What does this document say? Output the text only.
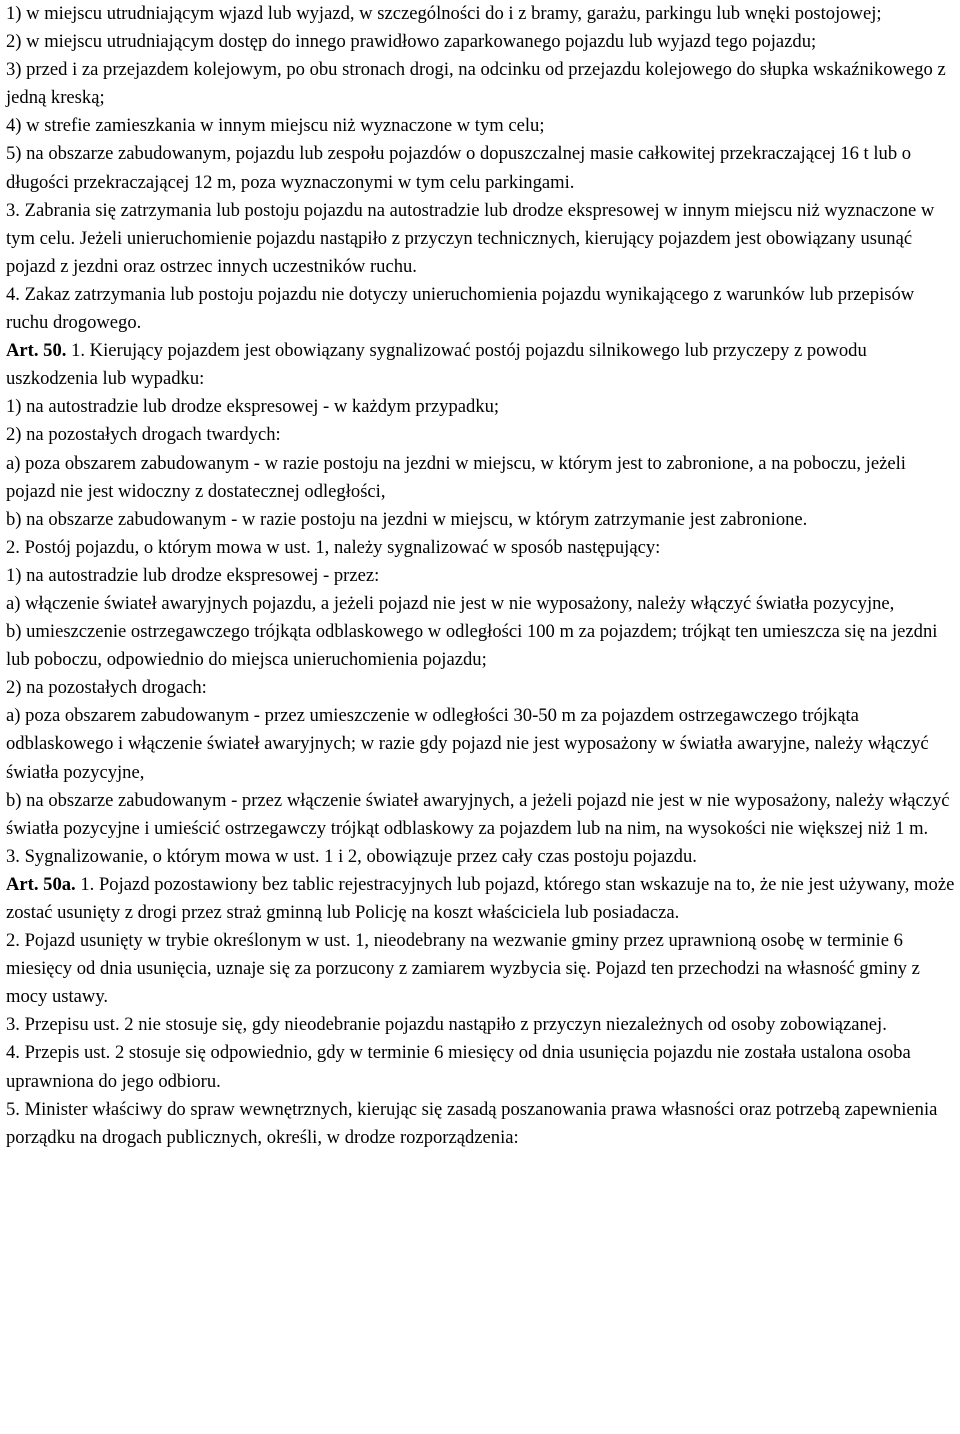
1) w miejscu utrudniającym wjazd lub wyjazd, w szczególności do i z bramy, garażu, parkingu lub wnęki postojowej;

2) w miejscu utrudniającym dostęp do innego prawidłowo zaparkowanego pojazdu lub wyjazd tego pojazdu;

3) przed i za przejazdem kolejowym, po obu stronach drogi, na odcinku od przejazdu kolejowego do słupka wskaźnikowego z jedną kreską;

4) w strefie zamieszkania w innym miejscu niż wyznaczone w tym celu;

5) na obszarze zabudowanym, pojazdu lub zespołu pojazdów o dopuszczalnej masie całkowitej przekraczającej 16 t lub o długości przekraczającej 12 m, poza wyznaczonymi w tym celu parkingami.

3. Zabrania się zatrzymania lub postoju pojazdu na autostradzie lub drodze ekspresowej w innym miejscu niż wyznaczone w tym celu. Jeżeli unieruchomienie pojazdu nastąpiło z przyczyn technicznych, kierujący pojazdem jest obowiązany usunąć pojazd z jezdni oraz ostrzec innych uczestników ruchu.

4. Zakaz zatrzymania lub postoju pojazdu nie dotyczy unieruchomienia pojazdu wynikającego z warunków lub przepisów ruchu drogowego.

Art. 50. 1. Kierujący pojazdem jest obowiązany sygnalizować postój pojazdu silnikowego lub przyczepy z powodu uszkodzenia lub wypadku:

1) na autostradzie lub drodze ekspresowej - w każdym przypadku;

2) na pozostałych drogach twardych:

a) poza obszarem zabudowanym - w razie postoju na jezdni w miejscu, w którym jest to zabronione, a na poboczu, jeżeli pojazd nie jest widoczny z dostatecznej odległości,

b) na obszarze zabudowanym - w razie postoju na jezdni w miejscu, w którym zatrzymanie jest zabronione.

2. Postój pojazdu, o którym mowa w ust. 1, należy sygnalizować w sposób następujący:

1) na autostradzie lub drodze ekspresowej - przez:

a) włączenie świateł awaryjnych pojazdu, a jeżeli pojazd nie jest w nie wyposażony, należy włączyć światła pozycyjne,

b) umieszczenie ostrzegawczego trójkąta odblaskowego w odległości 100 m za pojazdem; trójkąt ten umieszcza się na jezdni lub poboczu, odpowiednio do miejsca unieruchomienia pojazdu;

2) na pozostałych drogach:

a) poza obszarem zabudowanym - przez umieszczenie w odległości 30-50 m za pojazdem ostrzegawczego trójkąta odblaskowego i włączenie świateł awaryjnych; w razie gdy pojazd nie jest wyposażony w światła awaryjne, należy włączyć światła pozycyjne,

b) na obszarze zabudowanym - przez włączenie świateł awaryjnych, a jeżeli pojazd nie jest w nie wyposażony, należy włączyć światła pozycyjne i umieścić ostrzegawczy trójkąt odblaskowy za pojazdem lub na nim, na wysokości nie większej niż 1 m.

3. Sygnalizowanie, o którym mowa w ust. 1 i 2, obowiązuje przez cały czas postoju pojazdu.

Art. 50a. 1. Pojazd pozostawiony bez tablic rejestracyjnych lub pojazd, którego stan wskazuje na to, że nie jest używany, może zostać usunięty z drogi przez straż gminną lub Policję na koszt właściciela lub posiadacza.

2. Pojazd usunięty w trybie określonym w ust. 1, nieodebrany na wezwanie gminy przez uprawnioną osobę w terminie 6 miesięcy od dnia usunięcia, uznaje się za porzucony z zamiarem wyzbycia się. Pojazd ten przechodzi na własność gminy z mocy ustawy.

3. Przepisu ust. 2 nie stosuje się, gdy nieodebranie pojazdu nastąpiło z przyczyn niezależnych od osoby zobowiązanej.

4. Przepis ust. 2 stosuje się odpowiednio, gdy w terminie 6 miesięcy od dnia usunięcia pojazdu nie została ustalona osoba uprawniona do jego odbioru.

5. Minister właściwy do spraw wewnętrznych, kierując się zasadą poszanowania prawa własności oraz potrzebą zapewnienia porządku na drogach publicznych, określi, w drodze rozporządzenia:
